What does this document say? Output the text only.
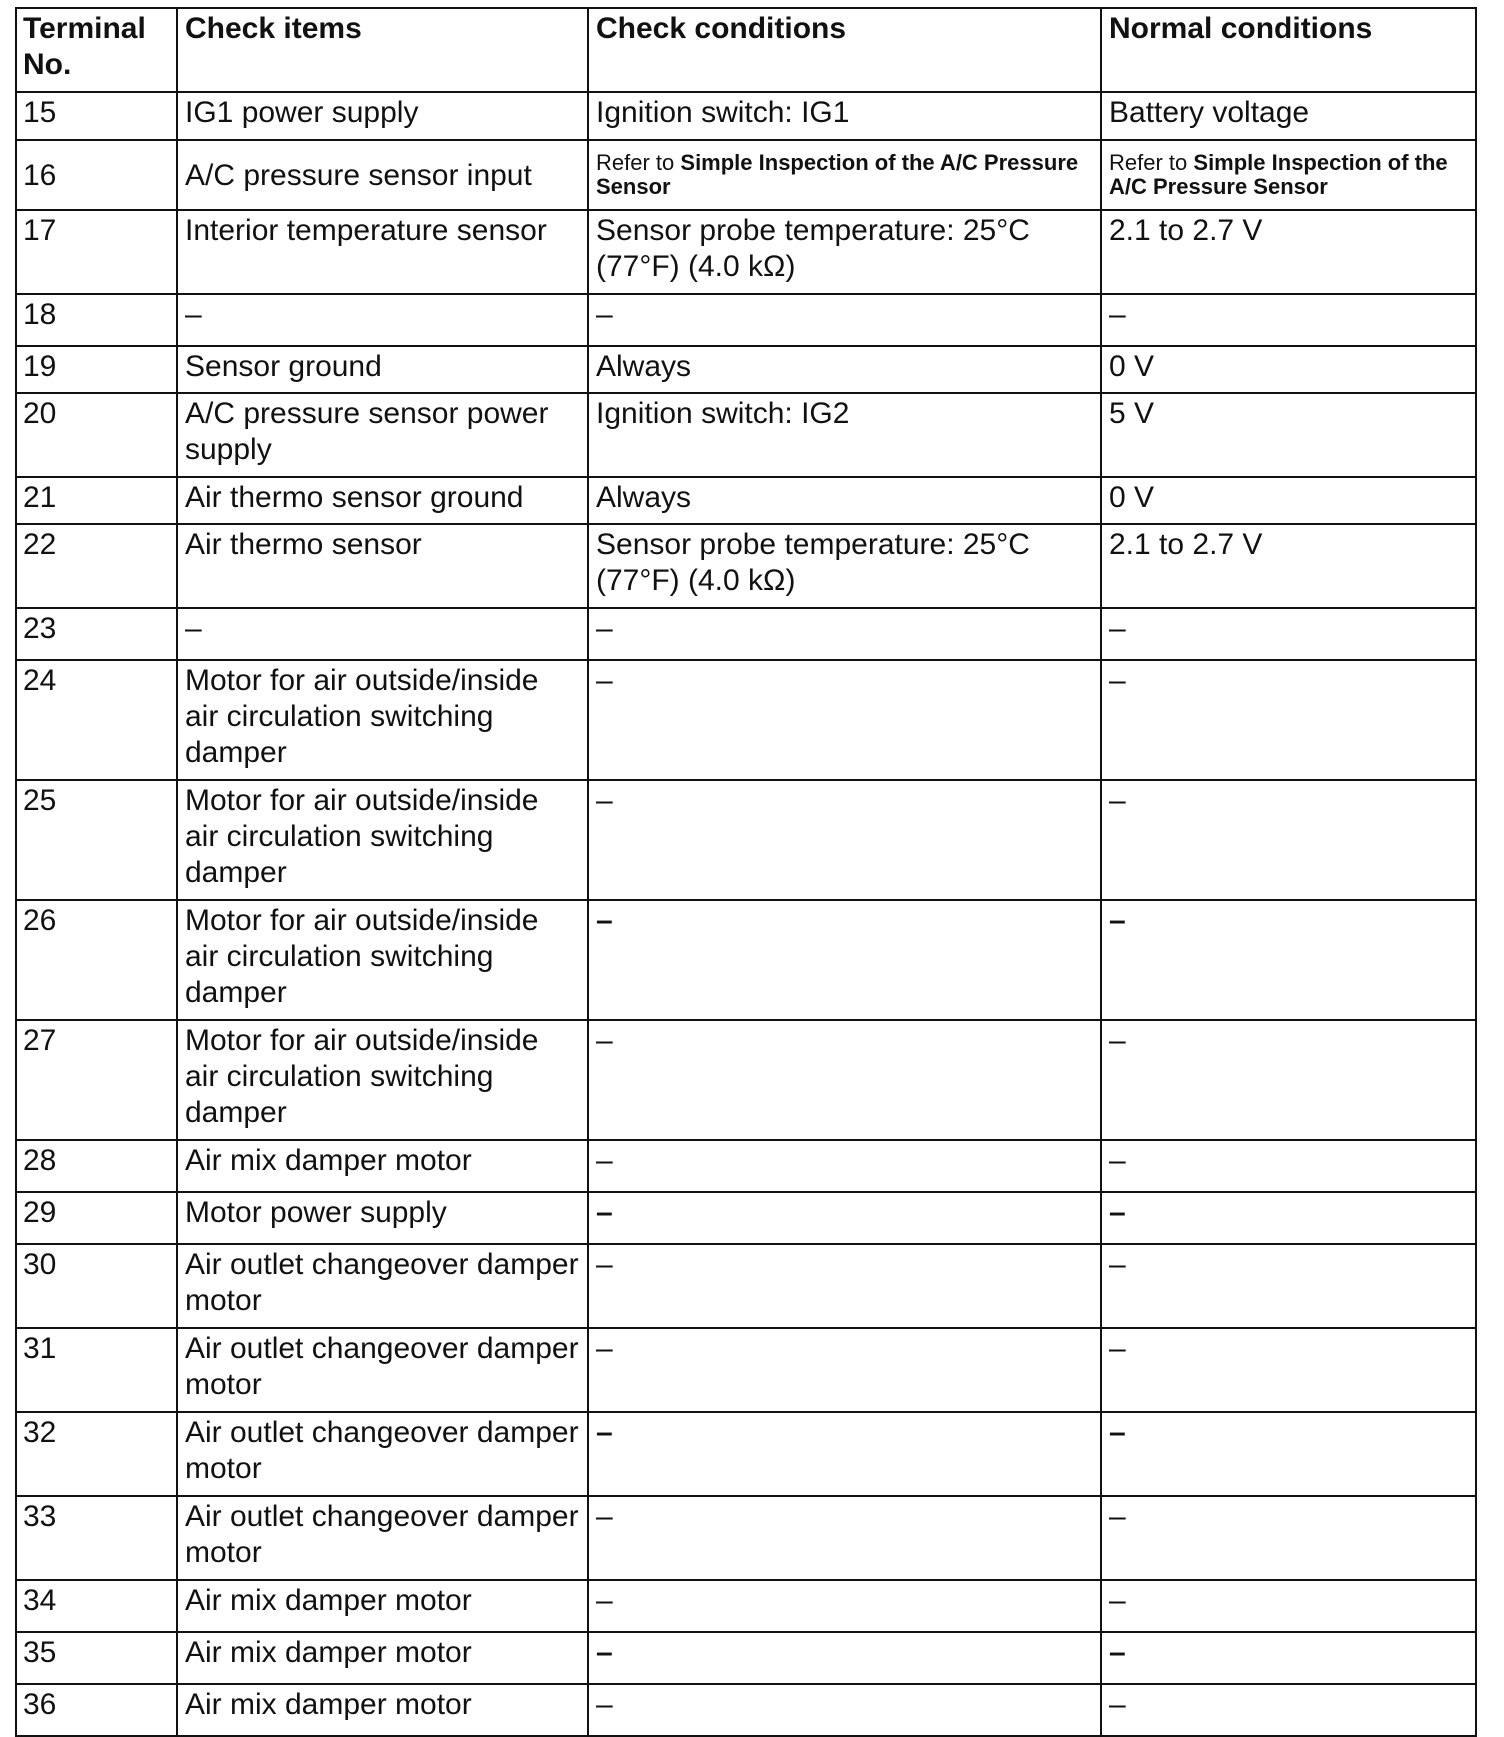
Terminal No.	Check items	Check conditions	Normal conditions
15	IG1 power supply	Ignition switch: IG1	Battery voltage
16	A/C pressure sensor input	Refer to Simple Inspection of the A/C Pressure Sensor	Refer to Simple Inspection of the A/C Pressure Sensor

17	Interior temperature sensor	Sensor probe temperature: 25°C (77°F) (4.0 kΩ)	2.1 to 2.7 V
18	–	–	–
19	Sensor ground	Always	0 V
20	A/C pressure sensor power supply	Ignition switch: IG2	5 V
21	Air thermo sensor ground	Always	0 V
22	Air thermo sensor	Sensor probe temperature: 25°C (77°F) (4.0 kΩ)	2.1 to 2.7 V
23	–	–	–
24	Motor for air outside/inside air circulation switching damper	–	–
25	Motor for air outside/inside air circulation switching damper	–	–
26	Motor for air outside/inside air circulation switching damper	–	–
27	Motor for air outside/inside air circulation switching damper	–	–
28	Air mix damper motor	–	–
29	Motor power supply	–	–
30	Air outlet changeover damper motor	–	–
31	Air outlet changeover damper motor	–	–
32	Air outlet changeover damper motor	–	–
33	Air outlet changeover damper motor	–	–
34	Air mix damper motor	–	–
35	Air mix damper motor	–	–
36	Air mix damper motor	–	–
